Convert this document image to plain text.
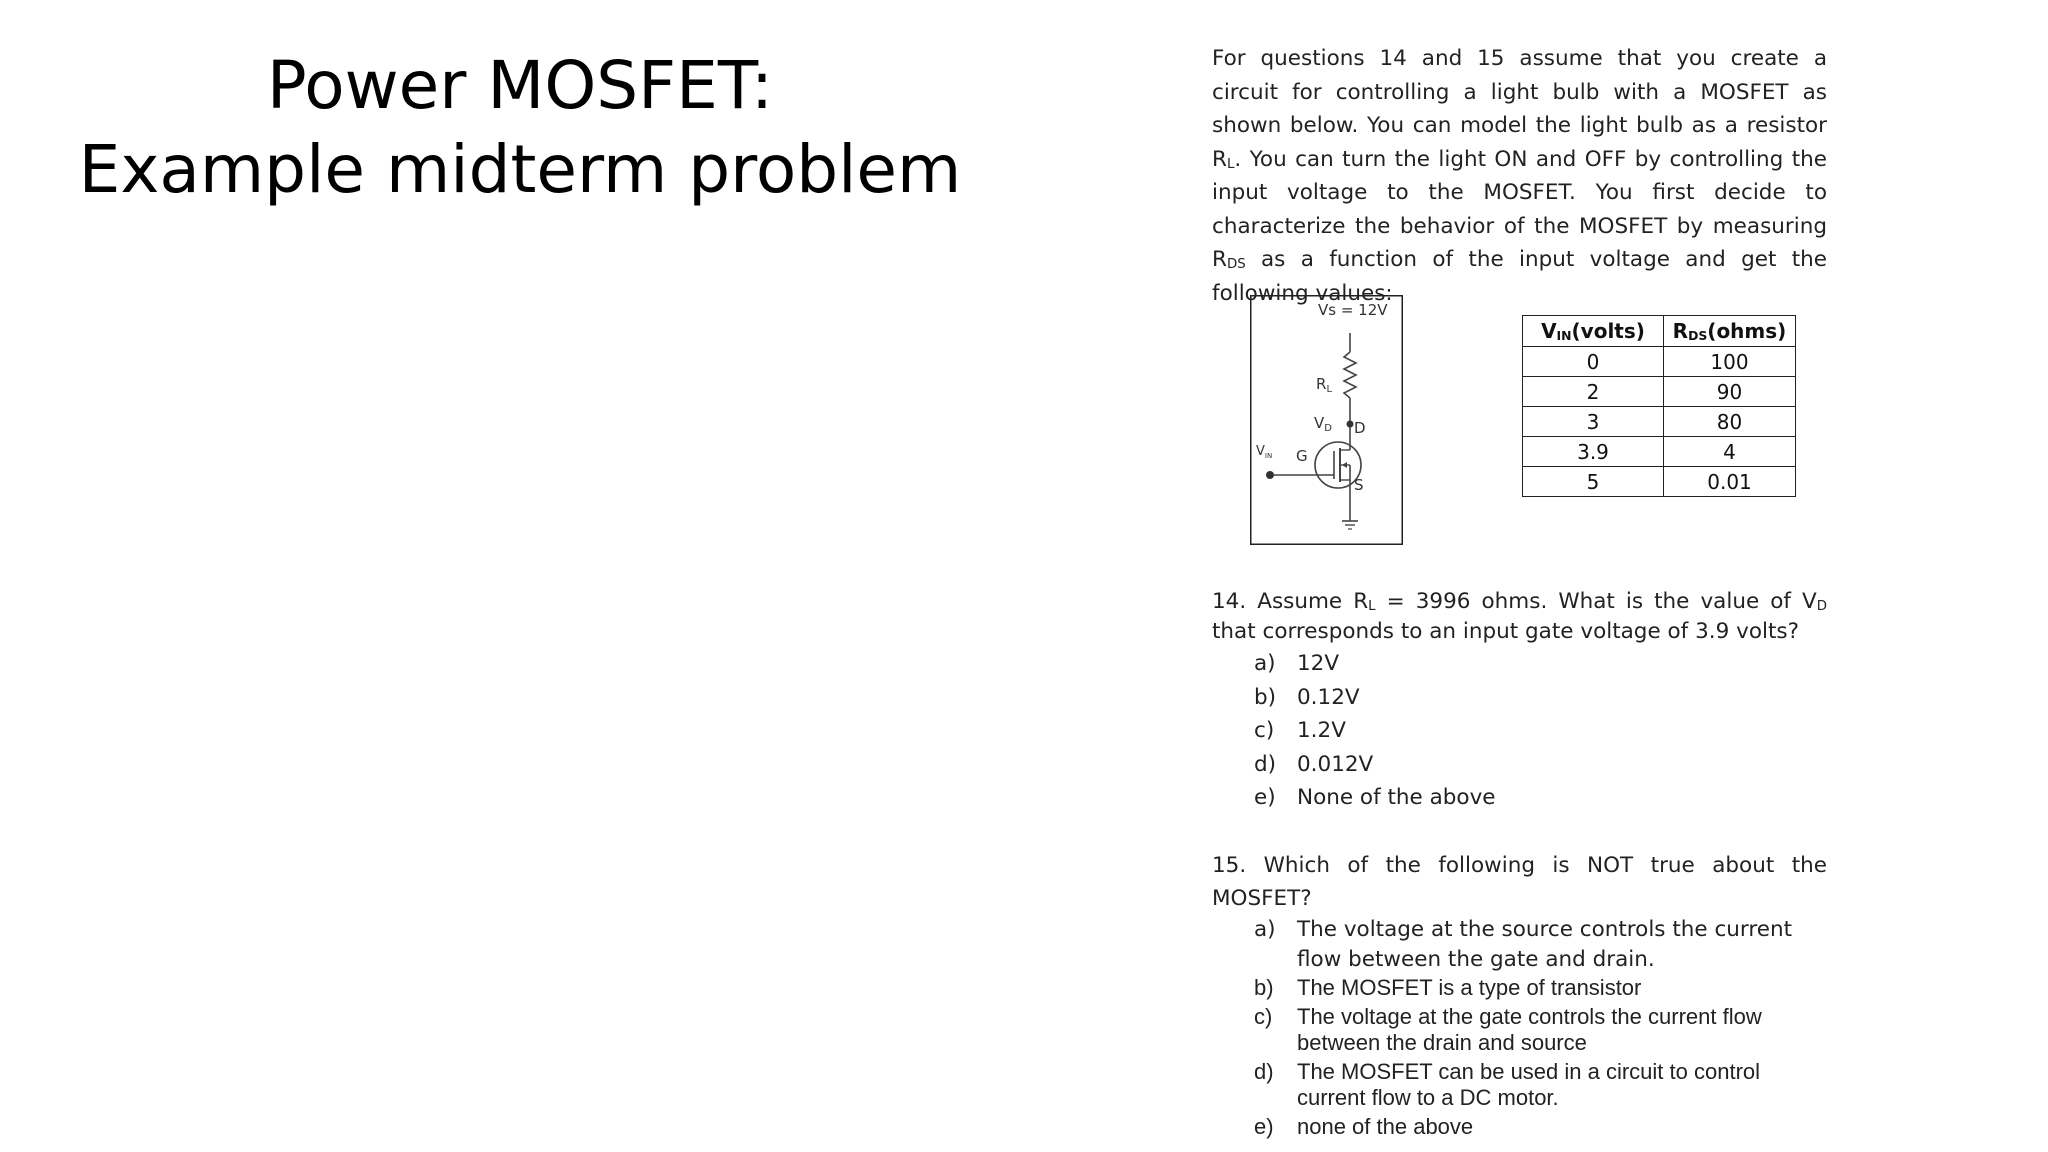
Power MOSFET:
Example midterm problem
For questions 14 and 15 assume that you create a circuit for controlling a light bulb with a MOSFET as shown below. You can model the light bulb as a resistor $R_L$. You can turn the light ON and OFF by controlling the input voltage to the MOSFET. You first decide to characterize the behavior of the MOSFET by measuring $R_{DS}$ as a function of the input voltage and get the following values:
Vs = 12V
$R_L$
$V_D$ D
S
$V_{IN}$ G
$V_{IN}(volts)$	$R_{DS}(ohms)$
0	100
2	90
3	80
3.9	4
5	0.01
14. Assume $R_L = 3996$ ohms. What is the value of $V_D$ that corresponds to an input gate voltage of 3.9 volts?
a) 12V
b) 0.12V
c) 1.2V
d) 0.012V
e) None of the above
15. Which of the following is NOT true about the MOSFET?
a) The voltage at the source controls the current flow between the gate and drain.
b) The MOSFET is a type of transistor
c) The voltage at the gate controls the current flow between the drain and source
d) The MOSFET can be used in a circuit to control current flow to a DC motor.
e) none of the above
